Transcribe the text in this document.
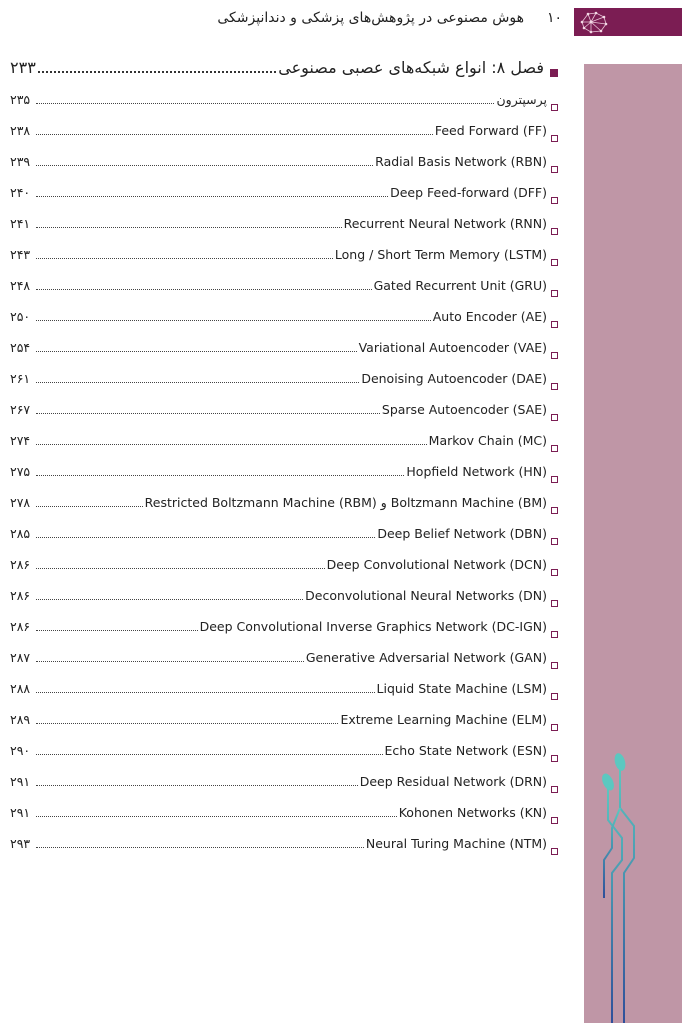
۱۰
هوش مصنوعی در پژوهش‌های پزشکی و دندانپزشکی
فصل ۸: انواع شبکه‌های عصبی مصنوعی
۲۳۳
پرسپترون
۲۳۵
Feed Forward (FF)
۲۳۸
Radial Basis Network (RBN)
۲۳۹
Deep Feed-forward (DFF)
۲۴۰
Recurrent Neural Network (RNN)
۲۴۱
Long / Short Term Memory (LSTM)
۲۴۳
Gated Recurrent Unit (GRU)
۲۴۸
Auto Encoder (AE)
۲۵۰
Variational Autoencoder (VAE)
۲۵۴
Denoising Autoencoder (DAE)
۲۶۱
Sparse Autoencoder (SAE)
۲۶۷
Markov Chain (MC)
۲۷۴
Hopfield Network (HN)
۲۷۵
Restricted Boltzmann Machine (RBM) و Boltzmann Machine (BM)
۲۷۸
Deep Belief Network (DBN)
۲۸۵
Deep Convolutional Network (DCN)
۲۸۶
Deconvolutional Neural Networks (DN)
۲۸۶
Deep Convolutional Inverse Graphics Network (DC-IGN)
۲۸۶
Generative Adversarial Network (GAN)
۲۸۷
Liquid State Machine (LSM)
۲۸۸
Extreme Learning Machine (ELM)
۲۸۹
Echo State Network (ESN)
۲۹۰
Deep Residual Network (DRN)
۲۹۱
Kohonen Networks (KN)
۲۹۱
Neural Turing Machine (NTM)
۲۹۳
